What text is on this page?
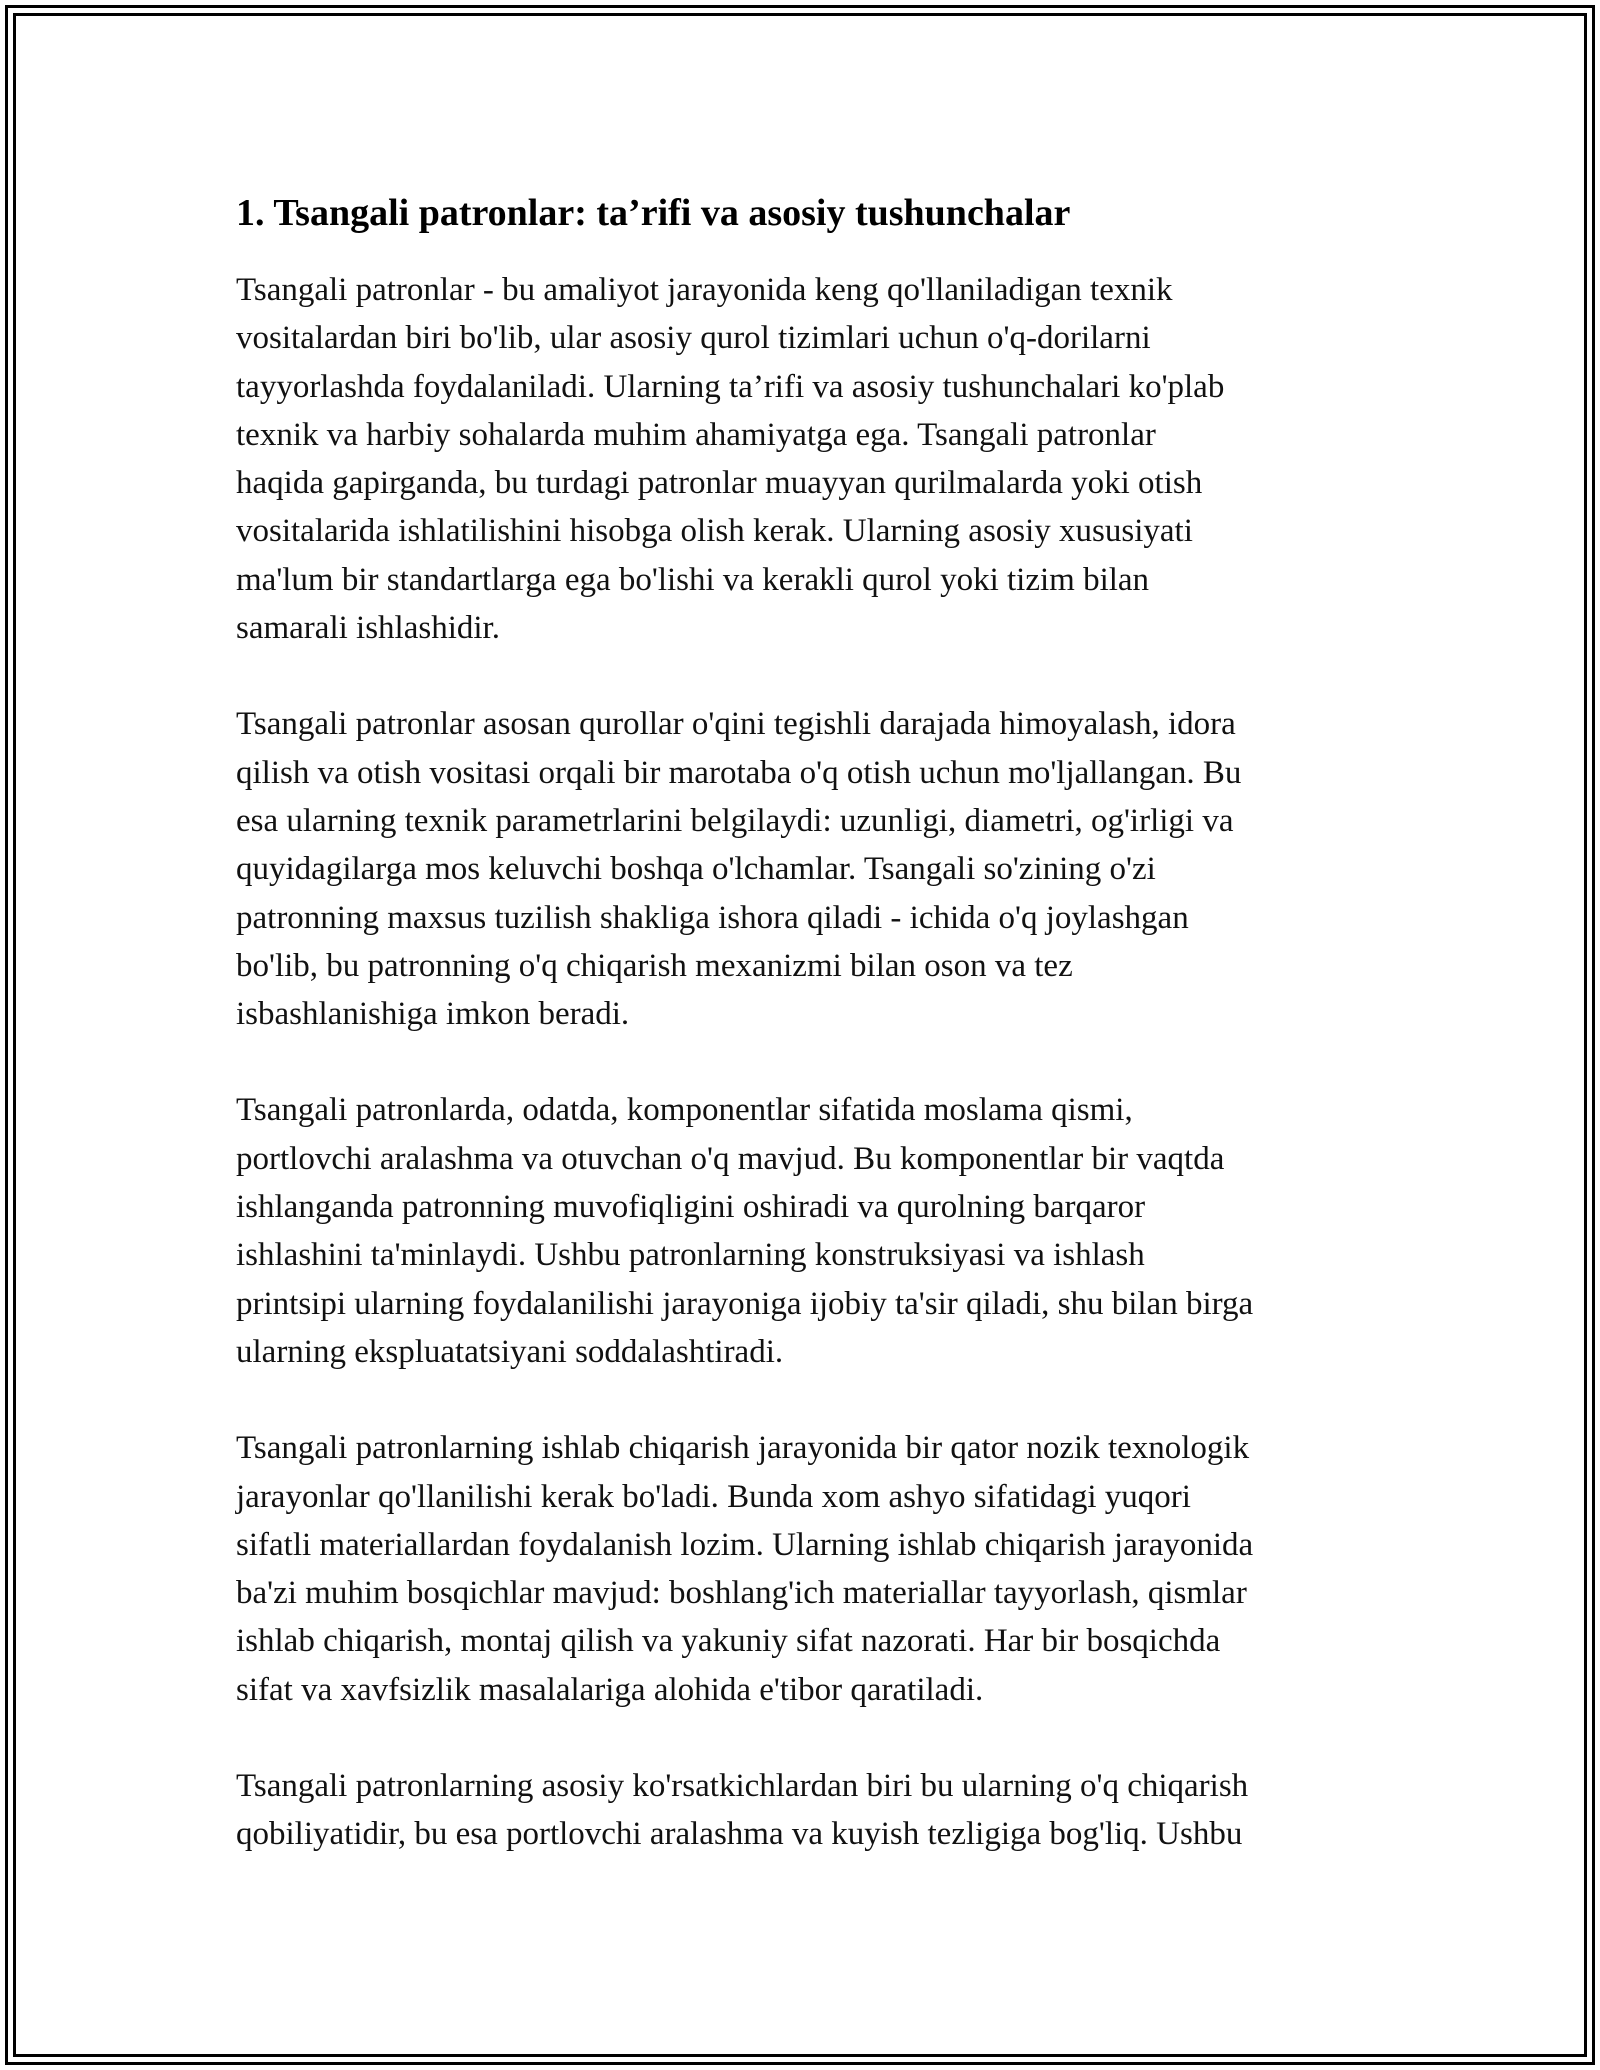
1. Tsangali patronlar: ta’rifi va asosiy tushunchalar

Tsangali patronlar - bu amaliyot jarayonida keng qo'llaniladigan texnik
vositalardan biri bo'lib, ular asosiy qurol tizimlari uchun o'q-dorilarni
tayyorlashda foydalaniladi. Ularning ta’rifi va asosiy tushunchalari ko'plab
texnik va harbiy sohalarda muhim ahamiyatga ega. Tsangali patronlar
haqida gapirganda, bu turdagi patronlar muayyan qurilmalarda yoki otish
vositalarida ishlatilishini hisobga olish kerak. Ularning asosiy xususiyati
ma'lum bir standartlarga ega bo'lishi va kerakli qurol yoki tizim bilan
samarali ishlashidir.

Tsangali patronlar asosan qurollar o'qini tegishli darajada himoyalash, idora
qilish va otish vositasi orqali bir marotaba o'q otish uchun mo'ljallangan. Bu
esa ularning texnik parametrlarini belgilaydi: uzunligi, diametri, og'irligi va
quyidagilarga mos keluvchi boshqa o'lchamlar. Tsangali so'zining o'zi
patronning maxsus tuzilish shakliga ishora qiladi - ichida o'q joylashgan
bo'lib, bu patronning o'q chiqarish mexanizmi bilan oson va tez
isbashlanishiga imkon beradi.

Tsangali patronlarda, odatda, komponentlar sifatida moslama qismi,
portlovchi aralashma va otuvchan o'q mavjud. Bu komponentlar bir vaqtda
ishlanganda patronning muvofiqligini oshiradi va qurolning barqaror
ishlashini ta'minlaydi. Ushbu patronlarning konstruksiyasi va ishlash
printsipi ularning foydalanilishi jarayoniga ijobiy ta'sir qiladi, shu bilan birga
ularning ekspluatatsiyani soddalashtiradi.

Tsangali patronlarning ishlab chiqarish jarayonida bir qator nozik texnologik
jarayonlar qo'llanilishi kerak bo'ladi. Bunda xom ashyo sifatidagi yuqori
sifatli materiallardan foydalanish lozim. Ularning ishlab chiqarish jarayonida
ba'zi muhim bosqichlar mavjud: boshlang'ich materiallar tayyorlash, qismlar
ishlab chiqarish, montaj qilish va yakuniy sifat nazorati. Har bir bosqichda
sifat va xavfsizlik masalalariga alohida e'tibor qaratiladi.

Tsangali patronlarning asosiy ko'rsatkichlardan biri bu ularning o'q chiqarish
qobiliyatidir, bu esa portlovchi aralashma va kuyish tezligiga bog'liq. Ushbu
